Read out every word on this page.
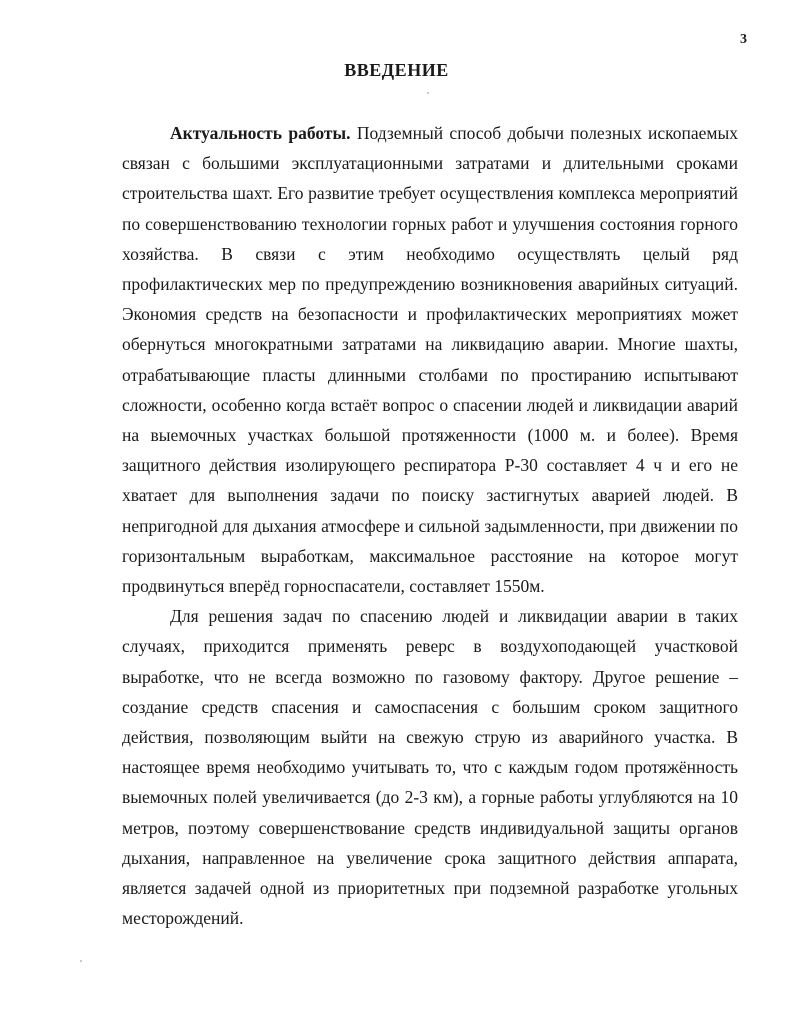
3

ВВЕДЕНИЕ

Актуальность работы. Подземный способ добычи полезных ископаемых связан с большими эксплуатационными затратами и длительными сроками строительства шахт. Его развитие требует осуществления комплекса мероприятий по совершенствованию технологии горных работ и улучшения состояния горного хозяйства. В связи с этим необходимо осуществлять целый ряд профилактических мер по предупреждению возникновения аварийных ситуаций. Экономия средств на безопасности и профилактических мероприятиях может обернуться многократными затратами на ликвидацию аварии. Многие шахты, отрабатывающие пласты длинными столбами по простиранию испытывают сложности, особенно когда встаёт вопрос о спасении людей и ликвидации аварий на выемочных участках большой протяженности (1000 м. и более). Время защитного действия изолирующего респиратора Р-30 составляет 4 ч и его не хватает для выполнения задачи по поиску застигнутых аварией людей. В непригодной для дыхания атмосфере и сильной задымленности, при движении по горизонтальным выработкам, максимальное расстояние на которое могут продвинуться вперёд горноспасатели, составляет 1550м.

Для решения задач по спасению людей и ликвидации аварии в таких случаях, приходится применять реверс в воздухоподающей участковой выработке, что не всегда возможно по газовому фактору. Другое решение – создание средств спасения и самоспасения с большим сроком защитного действия, позволяющим выйти на свежую струю из аварийного участка. В настоящее время необходимо учитывать то, что с каждым годом протяжённость выемочных полей увеличивается (до 2-3 км), а горные работы углубляются на 10 метров, поэтому совершенствование средств индивидуальной защиты органов дыхания, направленное на увеличение срока защитного действия аппарата, является задачей одной из приоритетных при подземной разработке угольных месторождений.
